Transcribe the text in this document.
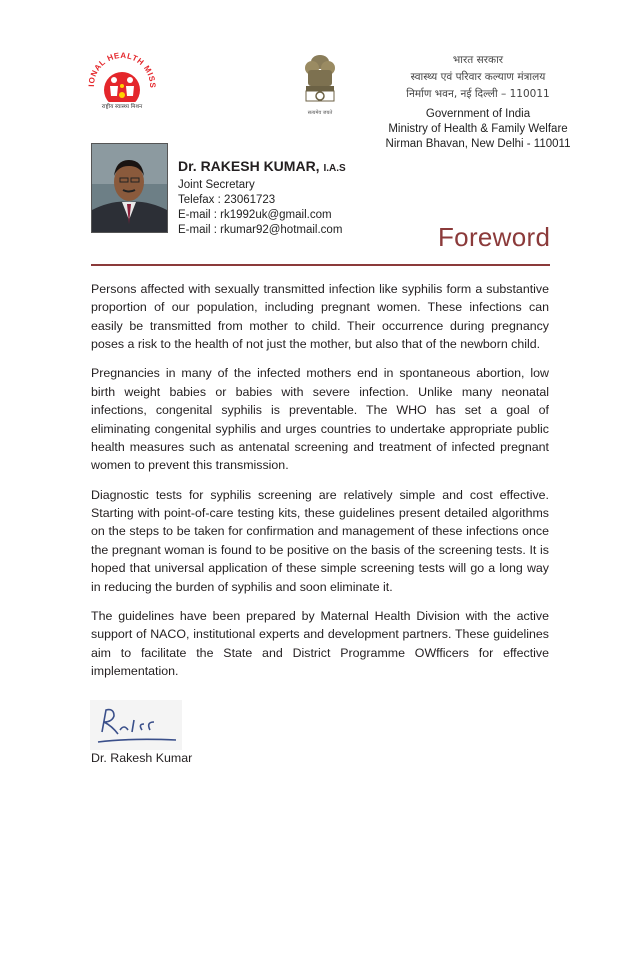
IONAL HEALTH MISS
राष्ट्रीय स्वास्थ्य मिशन
सत्यमेव जयते
भारत सरकार
स्वास्थ्य एवं परिवार कल्याण मंत्रालय
निर्माण भवन, नई दिल्ली – 110011
Government of India
Ministry of Health & Family Welfare
Nirman Bhavan, New Delhi - 110011
Dr. RAKESH KUMAR, I.A.S
Joint Secretary
Telefax : 23061723
E-mail : rk1992uk@gmail.com
E-mail : rkumar92@hotmail.com	Foreword

Persons affected with sexually transmitted infection like syphilis form a substantive proportion of our population, including pregnant women. These infections can easily be transmitted from mother to child. Their occurrence during pregnancy poses a risk to the health of not just the mother, but also that of the newborn child.

Pregnancies in many of the infected mothers end in spontaneous abortion, low birth weight babies or babies with severe infection. Unlike many neonatal infections, congenital syphilis is preventable. The WHO has set a goal of eliminating congenital syphilis and urges countries to undertake appropriate public health measures such as antenatal screening and treatment of infected pregnant women to prevent this transmission.

Diagnostic tests for syphilis screening are relatively simple and cost effective. Starting with point-of-care testing kits, these guidelines present detailed algorithms on the steps to be taken for confirmation and management of these infections once the pregnant woman is found to be positive on the basis of the screening tests. It is hoped that universal application of these simple screening tests will go a long way in reducing the burden of syphilis and soon eliminate it.

The guidelines have been prepared by Maternal Health Division with the active support of NACO, institutional experts and development partners. These guidelines aim to facilitate the State and District Programme OWfficers for effective implementation.

Dr. Rakesh Kumar
